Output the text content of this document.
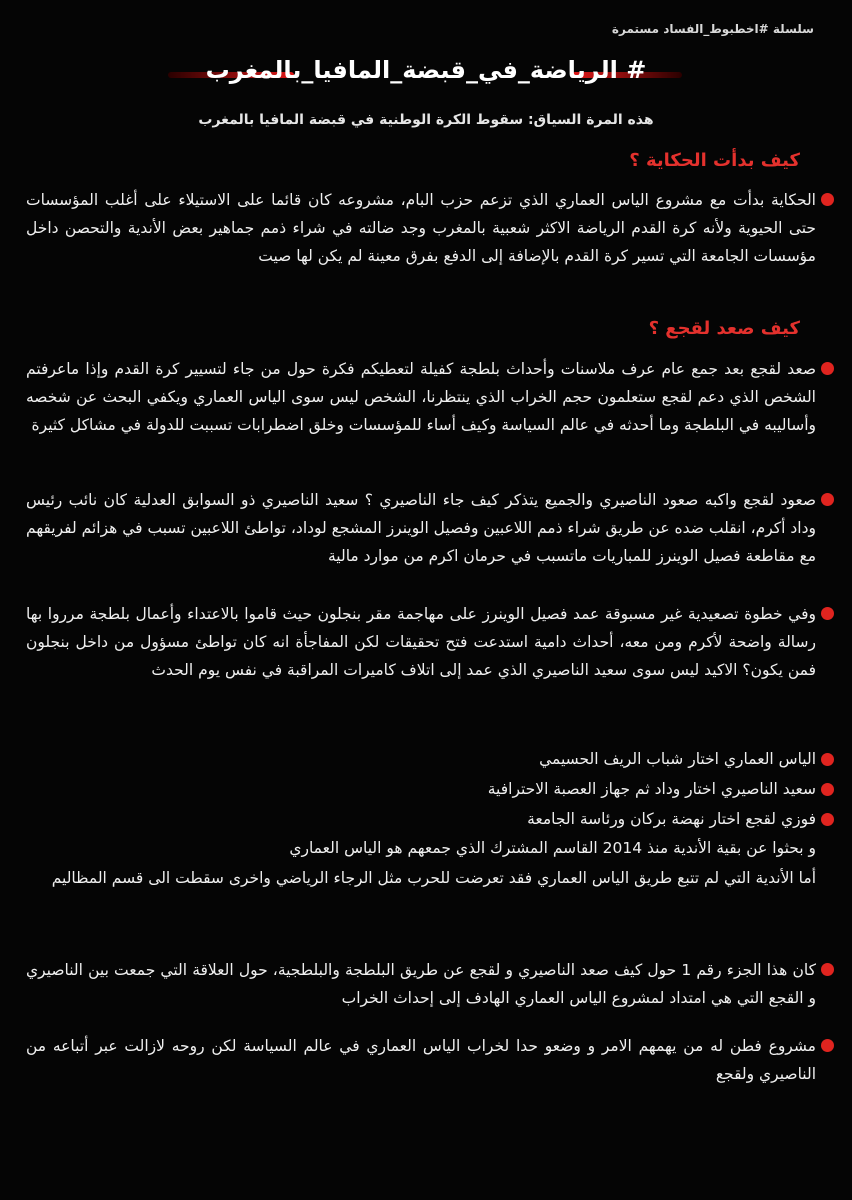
سلسلة #اخطبوط_الفساد مستمرة
# الرياضة_في_قبضة_المافيا_بالمغرب
هذه المرة السياق: سقوط الكرة الوطنية في قبضة المافيا بالمغرب
كيف بدأت الحكاية ؟
الحكاية بدأت مع مشروع الياس العماري الذي تزعم حزب البام، مشروعه كان قائما على الاستيلاء على أغلب المؤسسات حتى الحيوية ولأنه كرة القدم الرياضة الاكثر شعبية بالمغرب وجد ضالته في شراء ذمم جماهير بعض الأندية والتحصن داخل مؤسسات الجامعة التي تسير كرة القدم بالإضافة إلى الدفع بفرق معينة لم يكن لها صيت
كيف صعد لقجع ؟
صعد لقجع بعد جمع عام عرف ملاسنات وأحداث بلطجة كفيلة لتعطيكم فكرة حول من جاء لتسيير كرة القدم وإذا ماعرفتم الشخص الذي دعم لقجع ستعلمون حجم الخراب الذي ينتظرنا، الشخص ليس سوى الياس العماري ويكفي البحث عن شخصه وأساليبه في البلطجة وما أحدثه في عالم السياسة وكيف أساء للمؤسسات وخلق اضطرابات تسببت للدولة في مشاكل كثيرة
صعود لقجع واكبه صعود الناصيري والجميع يتذكر كيف جاء الناصيري ؟ سعيد الناصيري ذو السوابق العدلية كان نائب رئيس وداد أكرم، انقلب ضده عن طريق شراء ذمم اللاعبين وفصيل الوينرز المشجع لوداد، تواطئ اللاعبين تسبب في هزائم لفريقهم مع مقاطعة فصيل الوينرز للمباريات ماتسبب في حرمان اكرم من موارد مالية
وفي خطوة تصعيدية غير مسبوقة عمد فصيل الوينرز على مهاجمة مقر بنجلون حيث قاموا بالاعتداء وأعمال بلطجة مرروا بها رسالة واضحة لأكرم ومن معه، أحداث دامية استدعت فتح تحقيقات لكن المفاجأة انه كان تواطئ مسؤول من داخل بنجلون فمن يكون؟ الاكيد ليس سوى سعيد الناصيري الذي عمد إلى اتلاف كاميرات المراقبة في نفس يوم الحدث
الياس العماري اختار شباب الريف الحسيمي
سعيد الناصيري اختار وداد ثم جهاز العصبة الاحترافية
فوزي لقجع اختار نهضة بركان ورئاسة الجامعة
و بحثوا عن بقية الأندية منذ 2014 القاسم المشترك الذي جمعهم هو الياس العماري
أما الأندية التي لم تتبع طريق الياس العماري فقد تعرضت للحرب مثل الرجاء الرياضي واخرى سقطت الى قسم المظاليم
كان هذا الجزء رقم 1 حول كيف صعد الناصيري و لقجع عن طريق البلطجة والبلطجية، حول العلاقة التي جمعت بين الناصيري و القجع التي هي امتداد لمشروع الياس العماري الهادف إلى إحداث الخراب
مشروع فطن له من يهمهم الامر و وضعو حدا لخراب الياس العماري في عالم السياسة لكن روحه لازالت عبر أتباعه من الناصيري ولقجع
